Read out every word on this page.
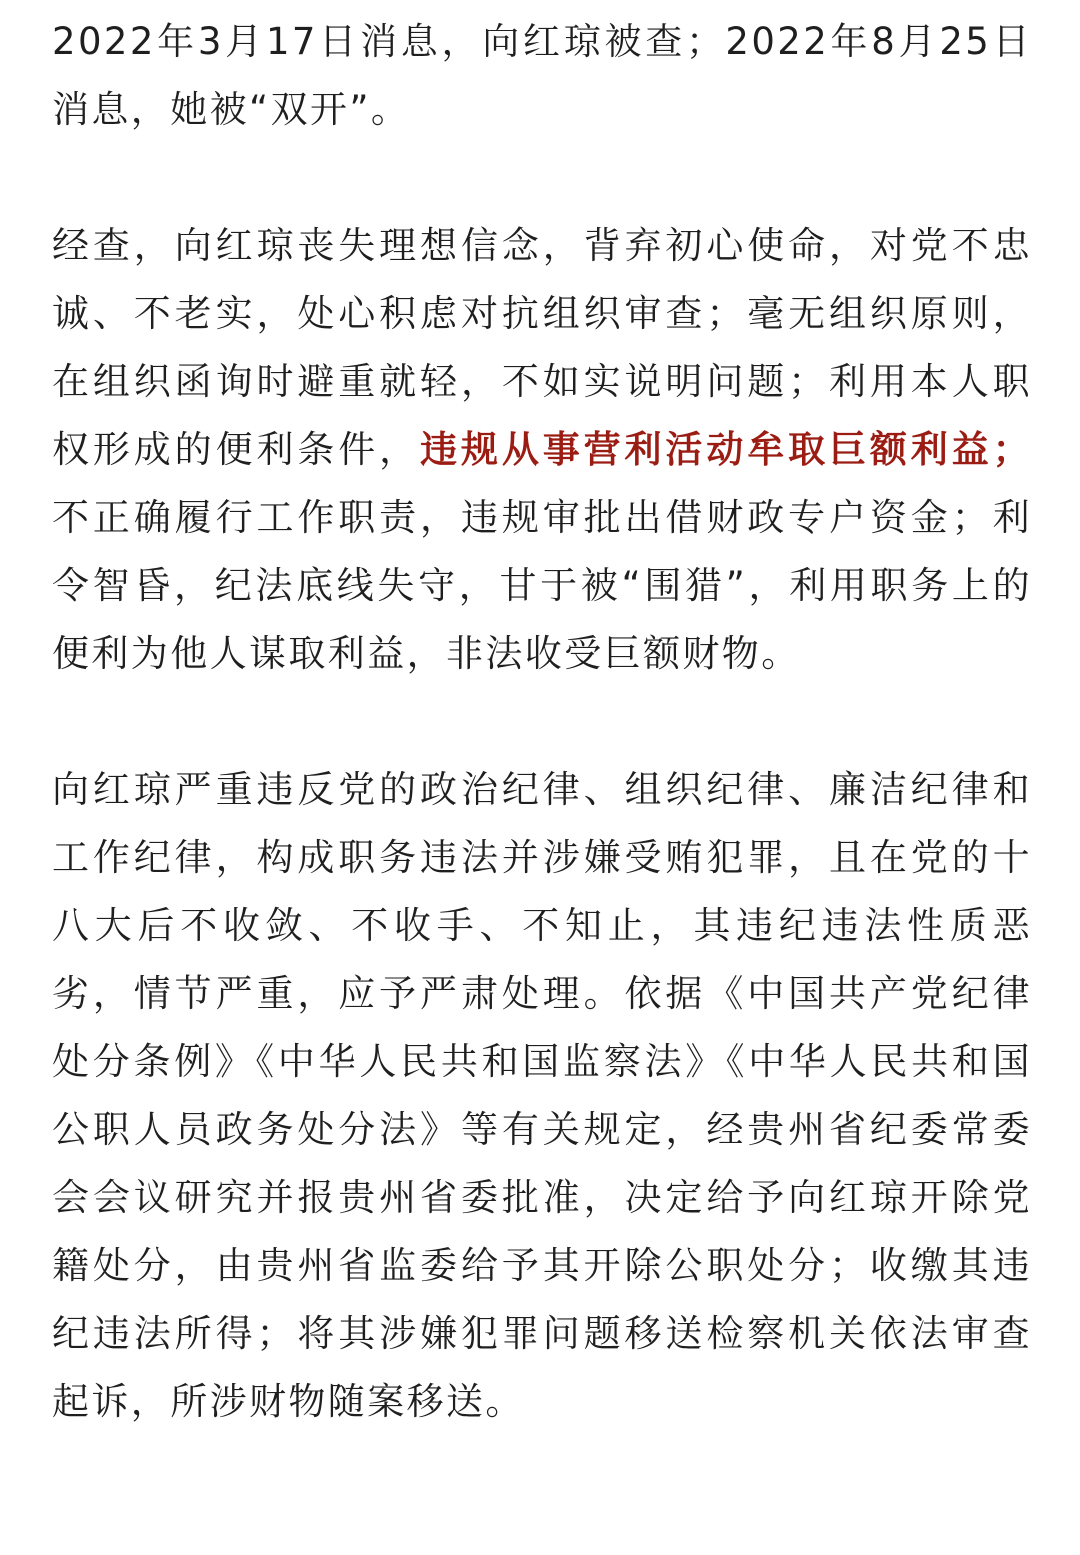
2022年3月17日消息，向红琼被查；2022年8月25日消息，她被“双开”。

经查，向红琼丧失理想信念，背弃初心使命，对党不忠诚、不老实，处心积虑对抗组织审查；毫无组织原则，在组织函询时避重就轻，不如实说明问题；利用本人职权形成的便利条件，违规从事营利活动牟取巨额利益；不正确履行工作职责，违规审批出借财政专户资金；利令智昏，纪法底线失守，甘于被“围猎”，利用职务上的便利为他人谋取利益，非法收受巨额财物。

向红琼严重违反党的政治纪律、组织纪律、廉洁纪律和工作纪律，构成职务违法并涉嫌受贿犯罪，且在党的十八大后不收敛、不收手、不知止，其违纪违法性质恶劣，情节严重，应予严肃处理。依据《中国共产党纪律处分条例》《中华人民共和国监察法》《中华人民共和国公职人员政务处分法》等有关规定，经贵州省纪委常委会会议研究并报贵州省委批准，决定给予向红琼开除党籍处分，由贵州省监委给予其开除公职处分；收缴其违纪违法所得；将其涉嫌犯罪问题移送检察机关依法审查起诉，所涉财物随案移送。
